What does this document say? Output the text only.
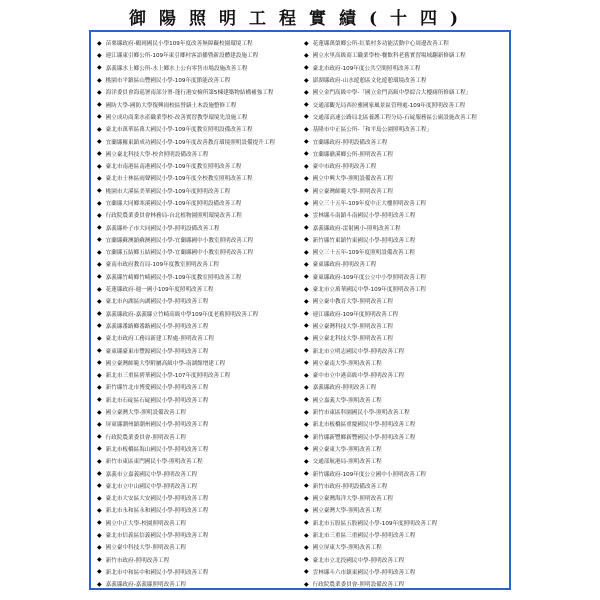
御陽照明工程實績(十四)
◆ 苗栗縣政府-鶴岡國民小學109年度改善無障礙校園環境工程
◆ 連江縣東引鄉公所-109年東引鄉村客語播暨新設體建設施工程
◆ 嘉義縣水上鄉公所-水上鄉水上公有零售市場設施改善工程
◆ 桃園市平鎮區山豐國民小學-109年度節能改善工程
◆ 海洋委員會海巡署南部分署-蓬行港安檢所第5棟建築物結構補強工程
◆ 國防大學-國防大學復興崗校區營繕土木設施整修工程
◆ 國立成功商業水產職業學校-改善實習教學環境先設施工程
◆ 臺北市萬華區萬大國民小學-109年度教室照明設備改善工程
◆ 宜蘭縣羅東鎮成功國民小學-109年度改善教育環境照明設備提升工程
◆ 國立臺北科技大學-校舍照明設備改善工程
◆ 臺北市南港區南港國民小學-109年度教室照明改善工程
◆ 臺北市士林區雨聲國民小學-109年度全校教室照明改善工程
◆ 桃園市大溪區美華國民小學-109年度照明改善工程
◆ 宜蘭縣大同鄉寒溪國民小學-109年度照明設備改善工程
◆ 行政院農業委員會林務局-台北植物園照明環境改善工程
◆ 嘉義縣朴子市大同國民小學-照明設備改善工程
◆ 宜蘭縣蘇澳鎮蘇澳國民小學-宜蘭縣國中小教室照明改善工程
◆ 宜蘭縣五結鄉五結國民小學-宜蘭縣國中小教室照明改善工程
◆ 臺南市政府教育局-109年度教室照明改善工程
◆ 嘉義縣竹崎鄉竹崎國民小學-109年度教室照明改善工程
◆ 花蓮縣政府-週一國小109年度照明改善工程
◆ 臺北市內湖區內湖國民小學-照明改善工程
◆ 嘉義縣政府-嘉義縣立竹崎高級中學109年度老舊照明改善工程
◆ 嘉義縣番路鄉番路國民小學-照明改善工程
◆ 臺北市政府工務局新建工程處-照明改善工程
◆ 臺東縣臺東市豐源國民小學-照明改善工程
◆ 國立臺灣師範大學附屬高級中學-南湖館增建工程
◆ 新北市三重區碧華國民小學-107年度照明改善工程
◆ 新竹縣竹北市博愛國民小學-照明改善工程
◆ 新北市石碇區石碇國民小學-照明改善工程
◆ 國立臺灣大學-照明設備改善工程
◆ 屏東縣潮州鎮潮州國民小學-照明改善工程
◆ 行政院農業委員會-照明改善工程
◆ 新北市板橋區海山國民小學-照明改善工程
◆ 新竹市東區東門國民小學-照明改善工程
◆ 嘉義市立嘉義國民中學-照明改善工程
◆ 臺北市立中山國民中學-照明改善工程
◆ 臺北市大安區大安國民小學-照明改善工程
◆ 新北市永和區永和國民小學-照明改善工程
◆ 國立中正大學-校園照明改善工程
◆ 臺北市信義區信義國民小學-照明改善工程
◆ 國立臺中科技大學-照明改善工程
◆ 新竹市政府-照明改善工程
◆ 新北市中和區中和國民小學-照明改善工程
◆ 嘉義縣政府-嘉義縣照明改善工程
◆ 花蓮縣萬榮鄉公所-紅葉村多功能活動中心周邊改善工程
◆ 國立水里高級商工職業學校-餐飲科老舊實習場域翻新修繕工程
◆ 臺北市政府-109年度公共空間照明改善工程
◆ 澎湖縣政府-山水遊憩區文化遊憩環境改善工程
◆ 國立金門高級中學-「國立金門高級中學綜合大樓廁所修繕工程」
◆ 交通部觀光局西拉雅國家風景區管理處-109年度照明改善工程
◆ 交通部高速公路局北區養護工程分局-石碇服務區公廁設施改善工程
◆ 基隆市中正區公所-「和平島公園照明改善工程」
◆ 宜蘭縣政府-照明設備改善工程
◆ 宜蘭縣礁溪鄉公所-照明改善工程
◆ 臺中市政府-照明改善工程
◆ 國立中興大學-照明設備改善工程
◆ 國立臺灣師範大學-照明改善工程
◆ 國立三十五年-109年度中正大樓照明改善工程
◆ 雲林縣斗南鎮斗南國民小學-照明改善工程
◆ 嘉義縣政府-雷射國小-照明改善工程
◆ 新竹縣竹東鎮竹東國民小學-照明改善工程
◆ 國立三十五年-109年度照明設備改善工程
◆ 臺東縣政府-照明改善工程
◆ 臺東縣政府-109年度公立中小學照明改善工程
◆ 臺北市立萬華國民中學-109年度照明改善工程
◆ 國立臺中教育大學-照明改善工程
◆ 連江縣政府-109年度照明改善工程
◆ 國立臺灣科技大學-照明改善工程
◆ 國立臺北科技大學-照明改善工程
◆ 新北市立明志國民中學-照明改善工程
◆ 國立臺南大學-照明改善工程
◆ 臺中市立中港高級中學-照明改善工程
◆ 嘉義縣政府-照明改善工程
◆ 國立嘉義大學-照明改善工程
◆ 新竹市東區科園國民小學-照明改善工程
◆ 新北市板橋區重慶國民中學-照明改善工程
◆ 新竹縣新豐鄉新豐國民小學-照明改善工程
◆ 國立臺東大學-照明改善工程
◆ 交通部航港局-照明改善工程
◆ 新竹縣政府-109年度公立國中小照明改善工程
◆ 新竹市政府-照明設備改善工程
◆ 國立臺灣海洋大學-照明改善工程
◆ 國立臺灣大學-照明改善工程
◆ 新北市五股區五股國民小學-109年度照明改善工程
◆ 新北市三重區三重國民小學-照明改善工程
◆ 國立屏東大學-照明改善工程
◆ 臺北市立北投國民中學-照明改善工程
◆ 雲林縣斗六市鎮東國民小學-照明改善工程
◆ 行政院農業委員會-照明設備改善工程
